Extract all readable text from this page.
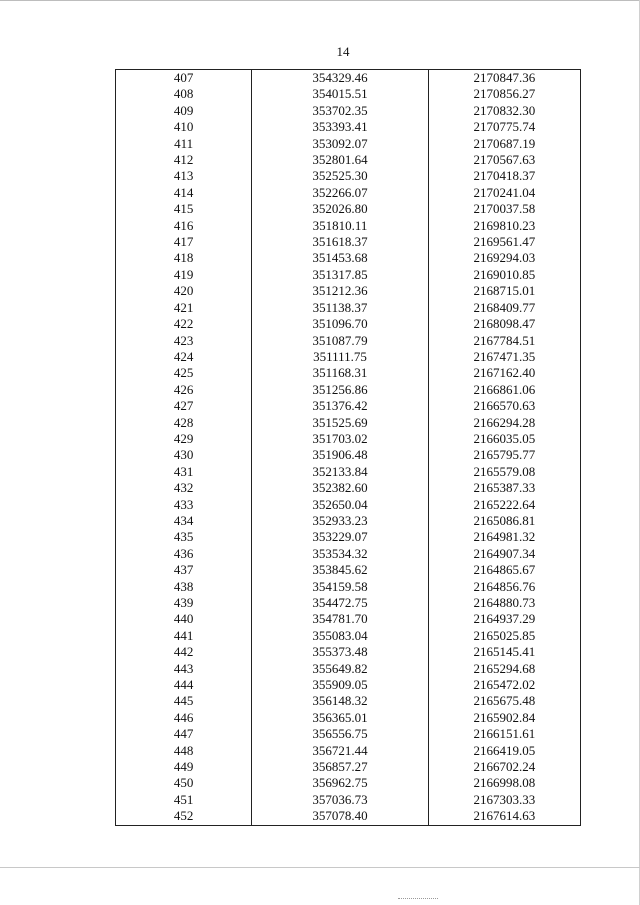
14
407	354329.46	2170847.36
408	354015.51	2170856.27
409	353702.35	2170832.30
410	353393.41	2170775.74
411	353092.07	2170687.19
412	352801.64	2170567.63
413	352525.30	2170418.37
414	352266.07	2170241.04
415	352026.80	2170037.58
416	351810.11	2169810.23
417	351618.37	2169561.47
418	351453.68	2169294.03
419	351317.85	2169010.85
420	351212.36	2168715.01
421	351138.37	2168409.77
422	351096.70	2168098.47
423	351087.79	2167784.51
424	351111.75	2167471.35
425	351168.31	2167162.40
426	351256.86	2166861.06
427	351376.42	2166570.63
428	351525.69	2166294.28
429	351703.02	2166035.05
430	351906.48	2165795.77
431	352133.84	2165579.08
432	352382.60	2165387.33
433	352650.04	2165222.64
434	352933.23	2165086.81
435	353229.07	2164981.32
436	353534.32	2164907.34
437	353845.62	2164865.67
438	354159.58	2164856.76
439	354472.75	2164880.73
440	354781.70	2164937.29
441	355083.04	2165025.85
442	355373.48	2165145.41
443	355649.82	2165294.68
444	355909.05	2165472.02
445	356148.32	2165675.48
446	356365.01	2165902.84
447	356556.75	2166151.61
448	356721.44	2166419.05
449	356857.27	2166702.24
450	356962.75	2166998.08
451	357036.73	2167303.33
452	357078.40	2167614.63
